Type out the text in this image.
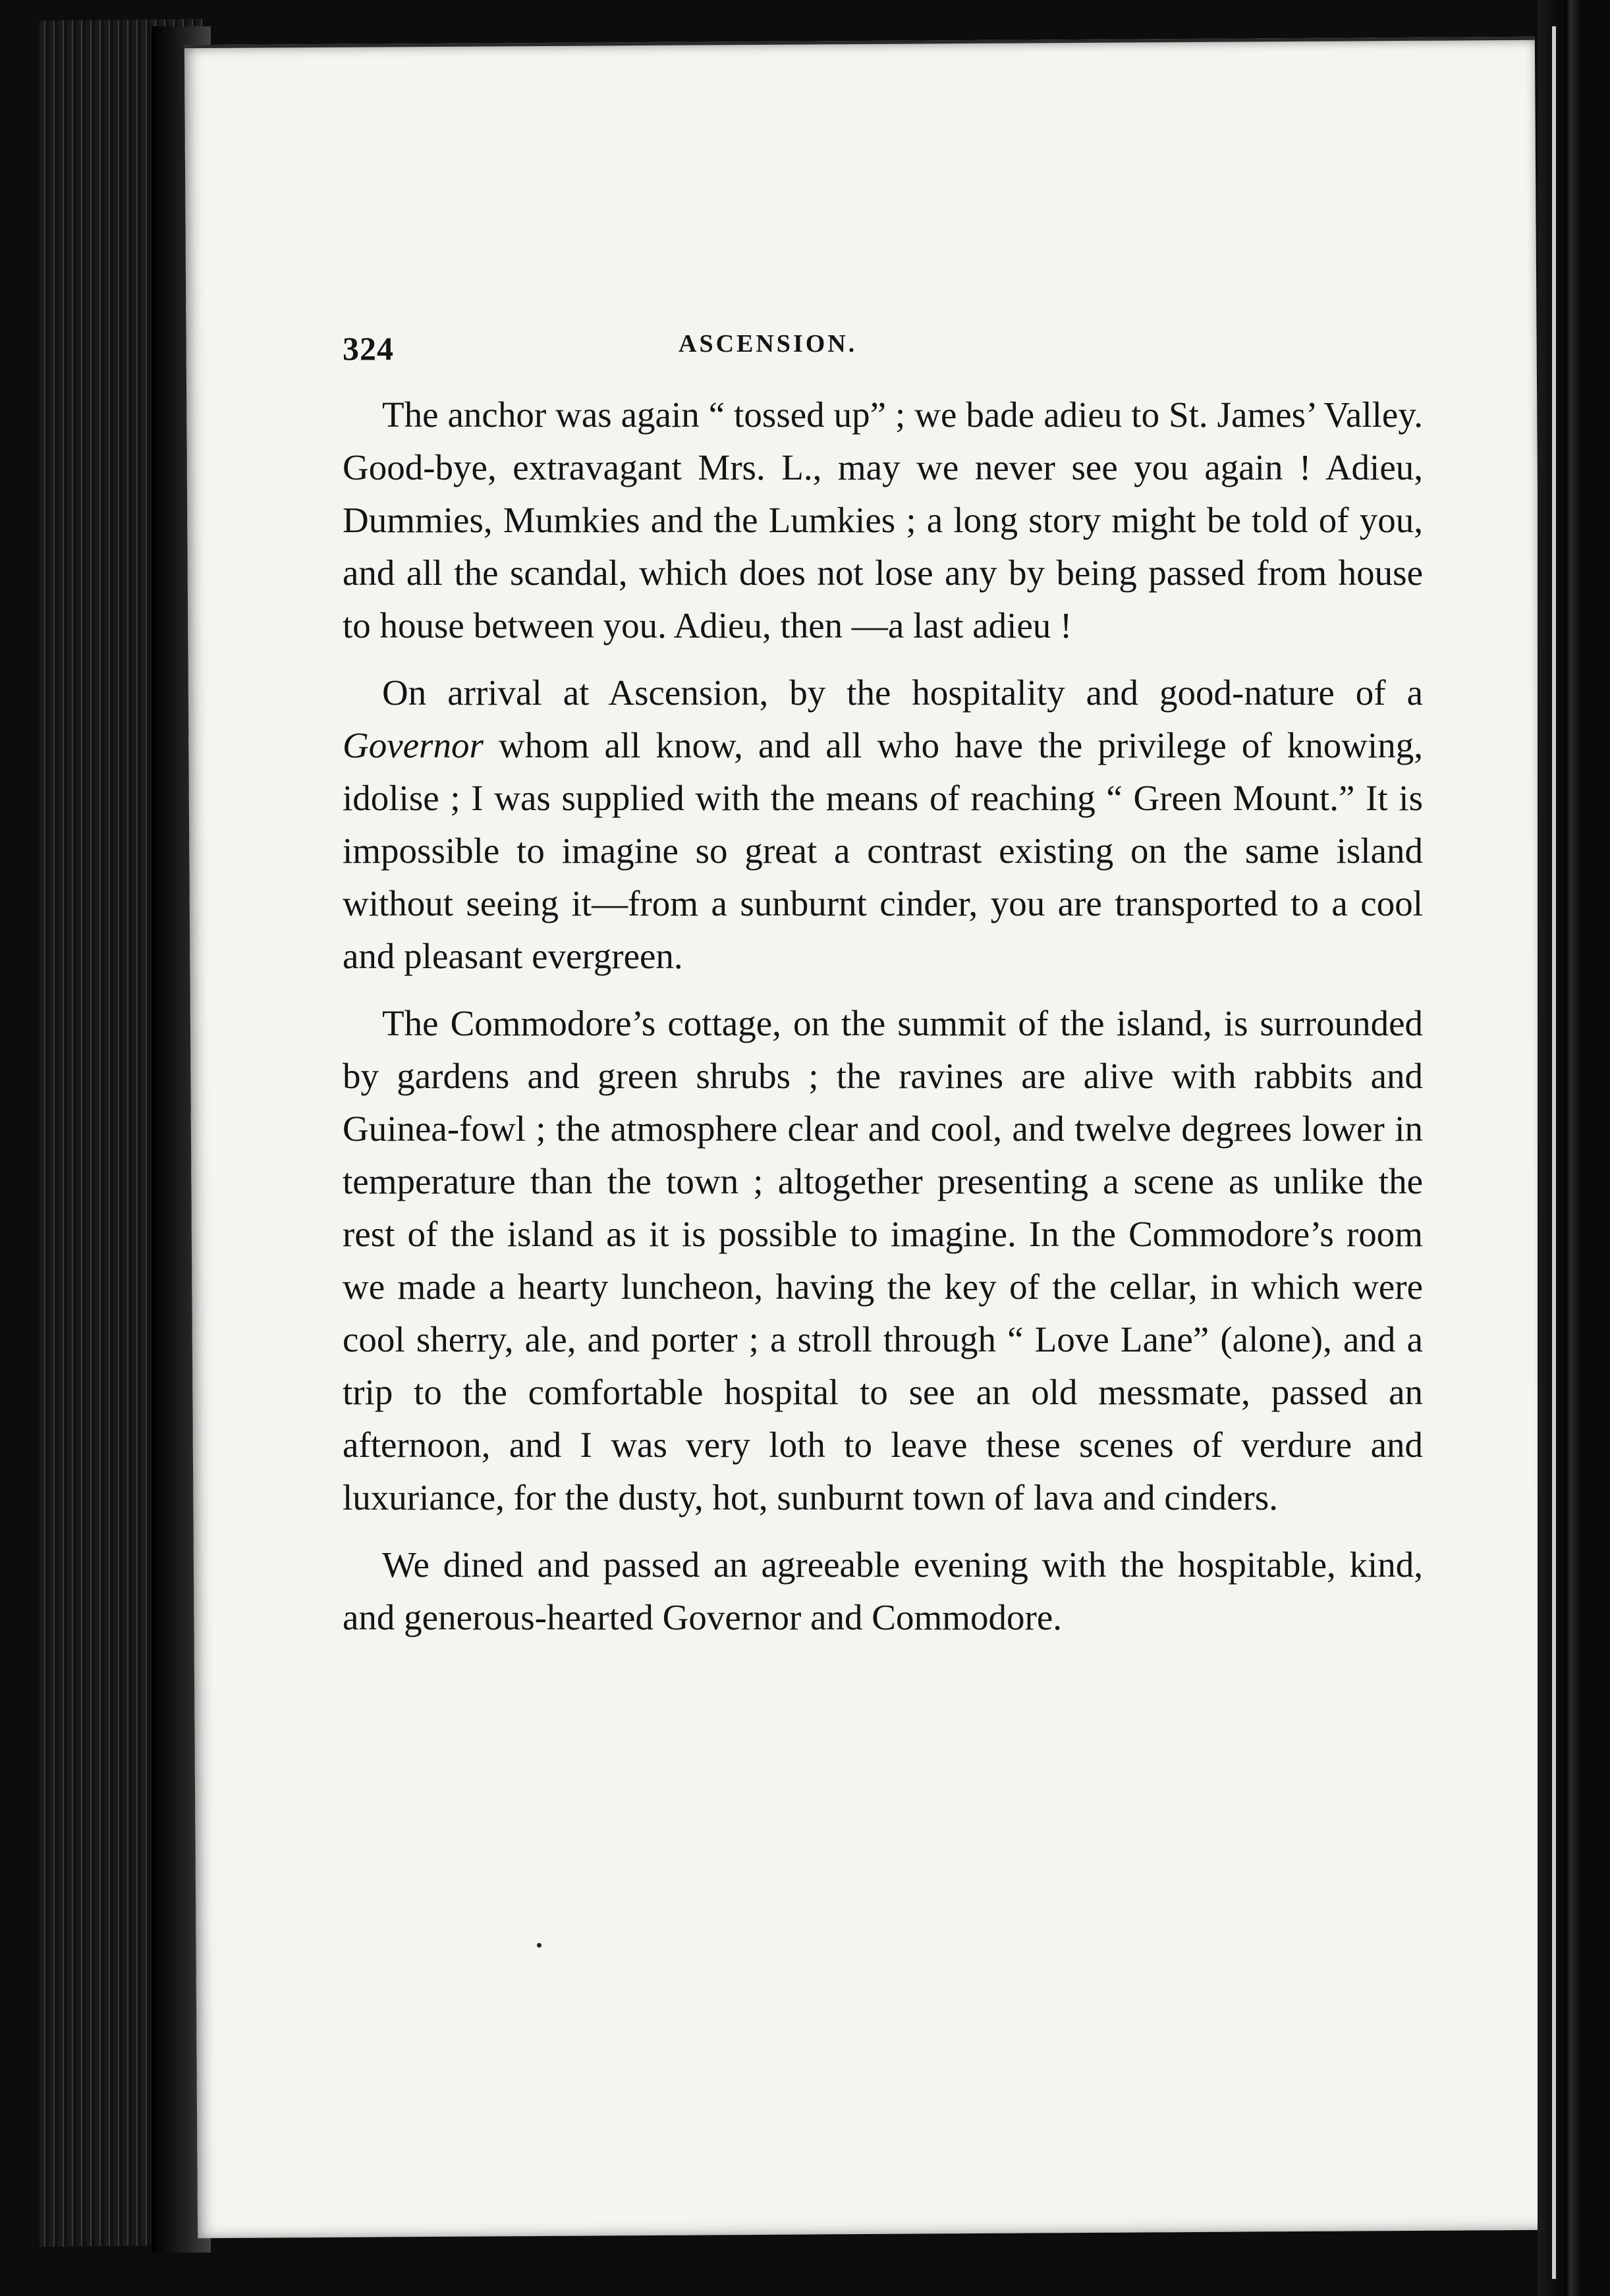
324	ASCENSION.

The anchor was again “ tossed up” ; we bade adieu to St. James’ Valley. Good-bye, extravagant Mrs. L., may we never see you again ! Adieu, Dummies, Mumkies and the Lumkies ; a long story might be told of you, and all the scandal, which does not lose any by being passed from house to house between you. Adieu, then —a last adieu !

On arrival at Ascension, by the hospitality and good-nature of a Governor whom all know, and all who have the privilege of knowing, idolise ; I was supplied with the means of reaching “ Green Mount.” It is impossible to imagine so great a contrast existing on the same island without seeing it—from a sunburnt cinder, you are transported to a cool and pleasant evergreen.

The Commodore’s cottage, on the summit of the island, is surrounded by gardens and green shrubs ; the ravines are alive with rabbits and Guinea-fowl ; the atmosphere clear and cool, and twelve degrees lower in temperature than the town ; altogether presenting a scene as unlike the rest of the island as it is possible to imagine. In the Commodore’s room we made a hearty luncheon, having the key of the cellar, in which were cool sherry, ale, and porter ; a stroll through “ Love Lane” (alone), and a trip to the comfortable hospital to see an old messmate, passed an afternoon, and I was very loth to leave these scenes of verdure and luxuriance, for the dusty, hot, sunburnt town of lava and cinders.

We dined and passed an agreeable evening with the hospitable, kind, and generous-hearted Governor and Commodore.
